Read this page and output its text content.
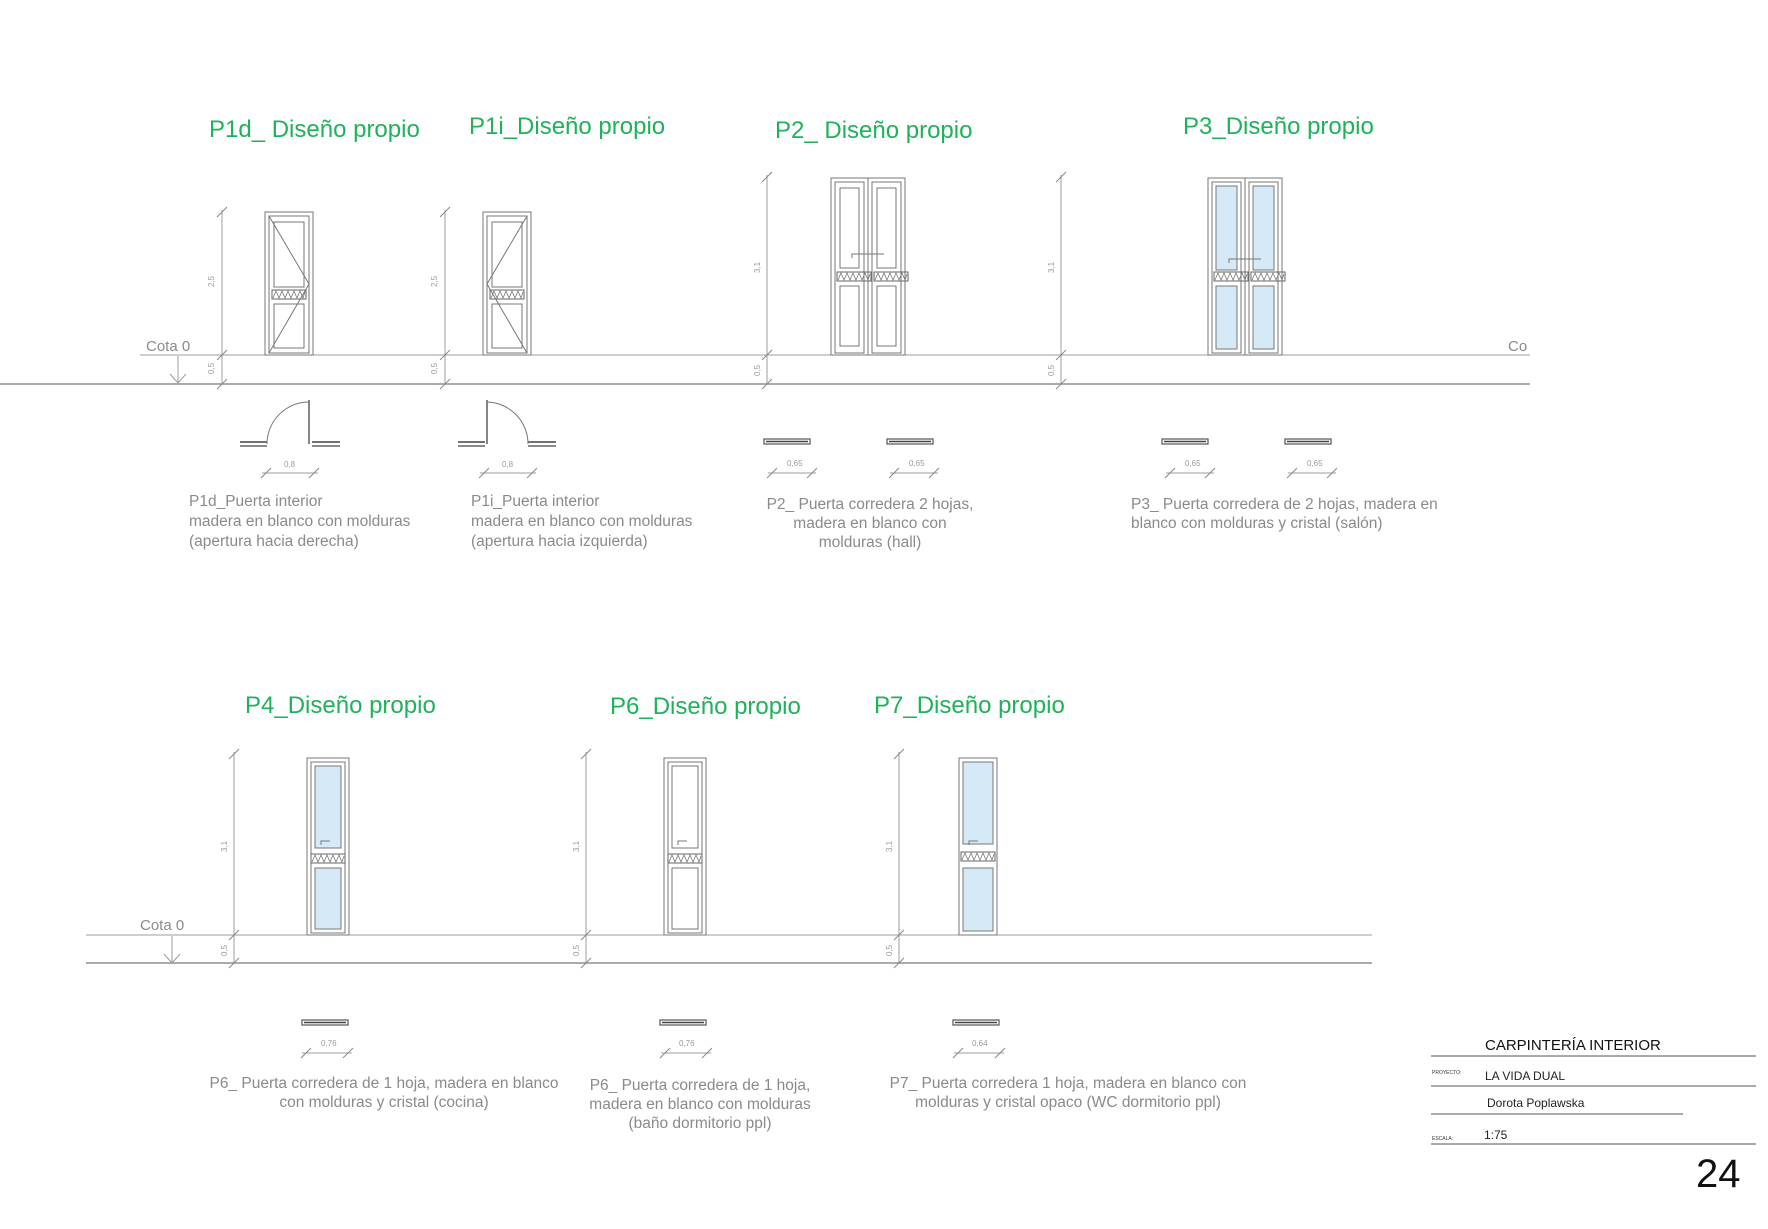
P1d_ Diseño propio P1i_Diseño propio	P2_ Diseño propio	P3_Diseño propio
Cota 0	Co
2,5
0,5
2,5
0,5
3,1
0,5
3,1
0,5
0,8	0,8	0,65	0,65	0,65	0,65
P1d_Puerta interior
madera en blanco con molduras
(apertura hacia derecha)
P1i_Puerta interior
madera en blanco con molduras
(apertura hacia izquierda)
P2_ Puerta corredera 2 hojas,
madera en blanco con
molduras (hall)
P3_ Puerta corredera de 2 hojas, madera en
blanco con molduras y cristal (salón)
P4_Diseño propio	P6_Diseño propio	P7_Diseño propio
Cota 0
3,1
0,5
3,1
0,5
3,1
0,5
0,76	0,76	0,64
P6_ Puerta corredera de 1 hoja, madera en blanco
con molduras y cristal (cocina)
P6_ Puerta corredera de 1 hoja,
madera en blanco con molduras
(baño dormitorio ppl)
P7_ Puerta corredera 1 hoja, madera en blanco con
molduras y cristal opaco (WC dormitorio ppl)
CARPINTERÍA INTERIOR
PROYECTO: LA VIDA DUAL
Dorota Poplawska
ESCALA:	1:75
24
